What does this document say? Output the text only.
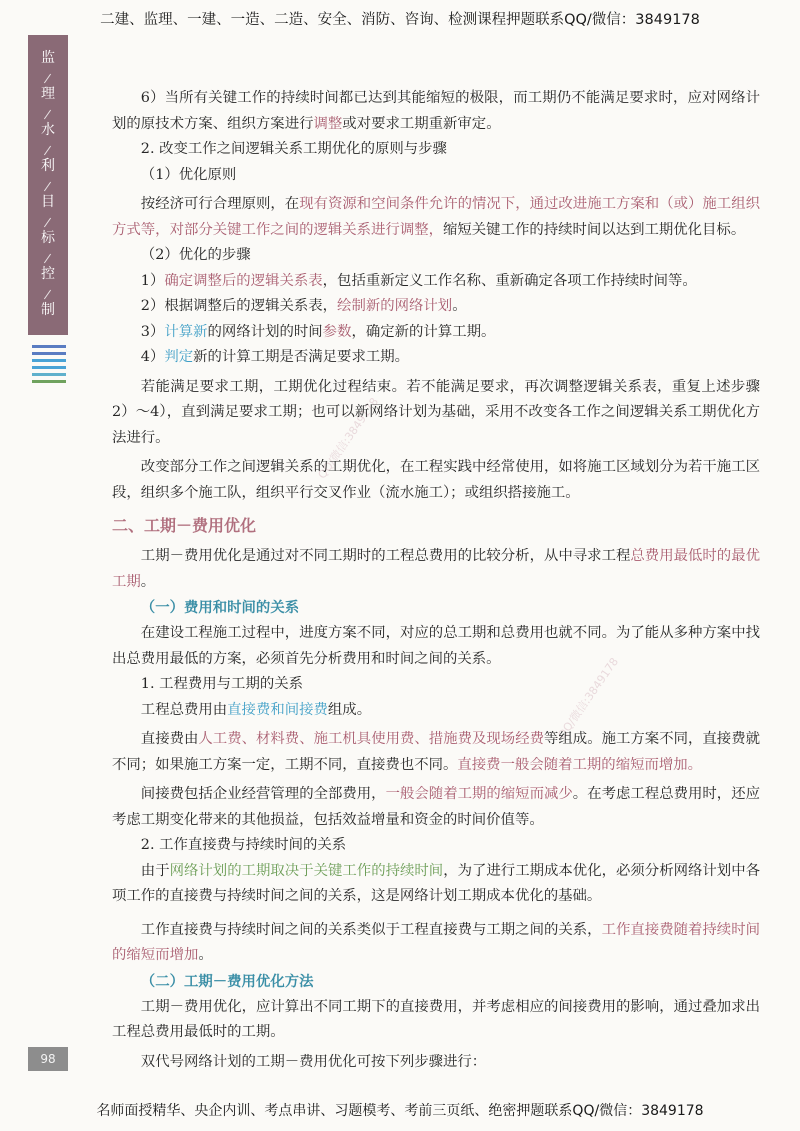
二建、监理、一建、一造、二造、安全、消防、咨询、检测课程押题联系QQ/微信：3849178
监
理
水
利
目
标
控
制
QQ/微信:3849178
QQ/微信:3849178

6）当所有关键工作的持续时间都已达到其能缩短的极限，而工期仍不能满足要求时，应对网络计划的原技术方案、组织方案进行调整或对要求工期重新审定。

2. 改变工作之间逻辑关系工期优化的原则与步骤

（1）优化原则

按经济可行合理原则，在现有资源和空间条件允许的情况下，通过改进施工方案和（或）施工组织方式等，对部分关键工作之间的逻辑关系进行调整，缩短关键工作的持续时间以达到工期优化目标。

（2）优化的步骤

1）确定调整后的逻辑关系表，包括重新定义工作名称、重新确定各项工作持续时间等。

2）根据调整后的逻辑关系表，绘制新的网络计划。

3）计算新的网络计划的时间参数，确定新的计算工期。

4）判定新的计算工期是否满足要求工期。

若能满足要求工期，工期优化过程结束。若不能满足要求，再次调整逻辑关系表，重复上述步骤2）～4），直到满足要求工期；也可以新网络计划为基础，采用不改变各工作之间逻辑关系工期优化方法进行。

改变部分工作之间逻辑关系的工期优化，在工程实践中经常使用，如将施工区域划分为若干施工区段，组织多个施工队，组织平行交叉作业（流水施工）；或组织搭接施工。

二、工期－费用优化

工期－费用优化是通过对不同工期时的工程总费用的比较分析，从中寻求工程总费用最低时的最优工期。

（一）费用和时间的关系

在建设工程施工过程中，进度方案不同，对应的总工期和总费用也就不同。为了能从多种方案中找出总费用最低的方案，必须首先分析费用和时间之间的关系。

1. 工程费用与工期的关系

工程总费用由直接费和间接费组成。

直接费由人工费、材料费、施工机具使用费、措施费及现场经费等组成。施工方案不同，直接费就不同；如果施工方案一定，工期不同，直接费也不同。直接费一般会随着工期的缩短而增加。

间接费包括企业经营管理的全部费用，一般会随着工期的缩短而减少。在考虑工程总费用时，还应考虑工期变化带来的其他损益，包括效益增量和资金的时间价值等。

2. 工作直接费与持续时间的关系

由于网络计划的工期取决于关键工作的持续时间，为了进行工期成本优化，必须分析网络计划中各项工作的直接费与持续时间之间的关系，这是网络计划工期成本优化的基础。

工作直接费与持续时间之间的关系类似于工程直接费与工期之间的关系，工作直接费随着持续时间的缩短而增加。

（二）工期－费用优化方法

工期－费用优化，应计算出不同工期下的直接费用，并考虑相应的间接费用的影响，通过叠加求出工程总费用最低时的工期。

双代号网络计划的工期－费用优化可按下列步骤进行：

98
名师面授精华、央企内训、考点串讲、习题模考、考前三页纸、绝密押题联系QQ/微信：3849178
